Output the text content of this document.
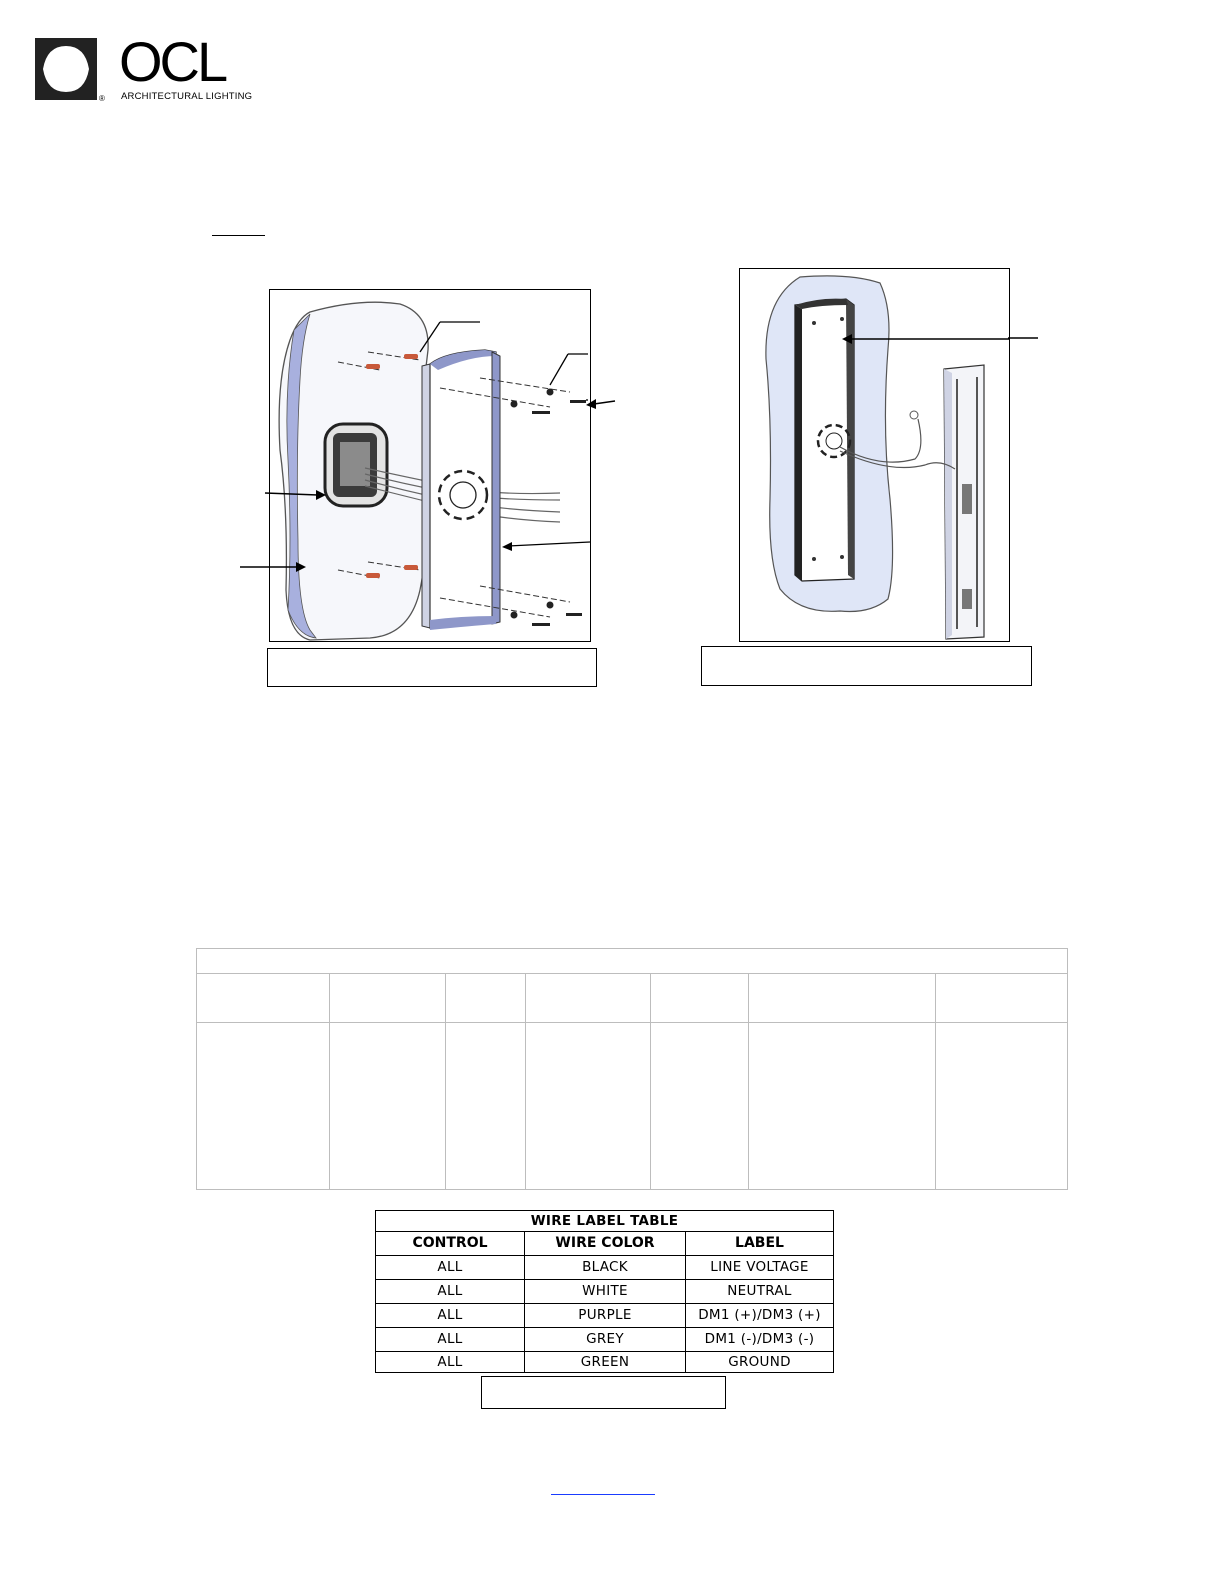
®
OCL
ARCHITECTURAL LIGHTING
WIRE LABEL TABLE		
CONTROL	WIRE COLOR	LABEL
ALL	BLACK	LINE VOLTAGE
ALL	WHITE	NEUTRAL
ALL	PURPLE	DM1 (+)/DM3 (+)
ALL	GREY	DM1 (-)/DM3 (-)
ALL	GREEN	GROUND
